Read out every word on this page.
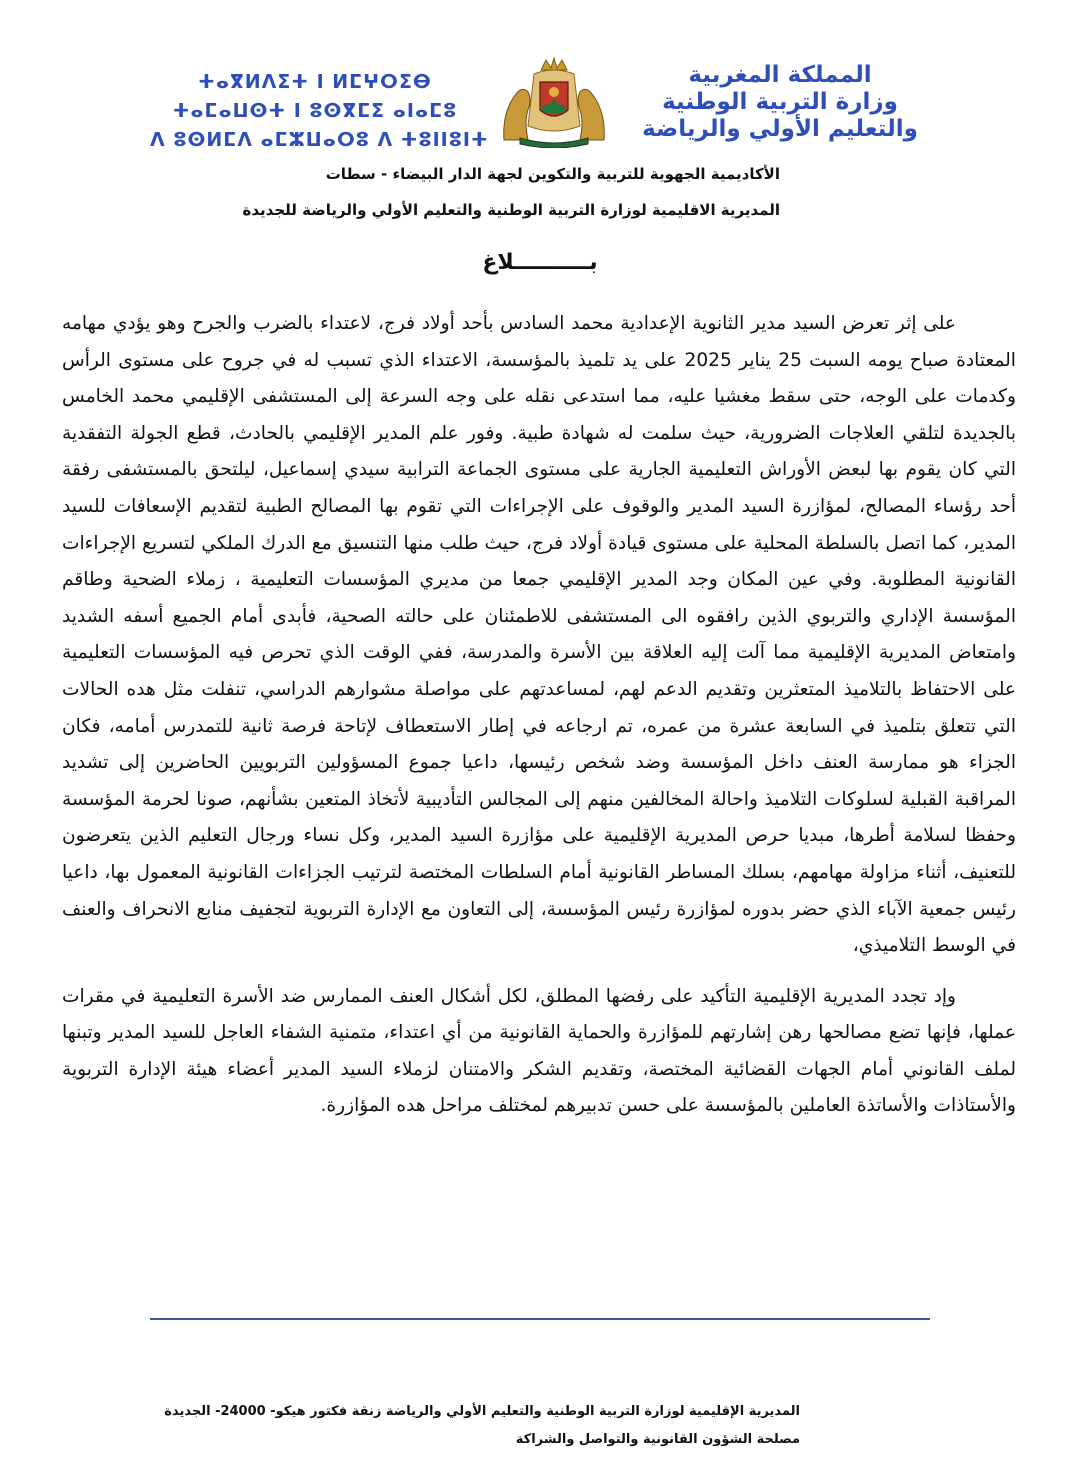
ⵜⴰⴳⵍⴷⵉⵜ ⵏ ⵍⵎⵖⵔⵉⴱ
ⵜⴰⵎⴰⵡⵙⵜ ⵏ ⵓⵙⴳⵎⵉ ⴰⵏⴰⵎⵓ
ⴷ ⵓⵙⵍⵎⴷ ⴰⵎⵣⵡⴰⵔⵓ ⴷ ⵜⵓⵏⵏⵓⵏⵜ
المملكة المغربية
وزارة التربية الوطنية
والتعليم الأولي والرياضة
الأكاديمية الجهوية للتربية والتكوين لجهة الدار البيضاء - سطات
المديرية الاقليمية لوزارة التربية الوطنية والتعليم الأولي والرياضة للجديدة
بــــــــــلاغ

على إثر تعرض السيد مدير الثانوية الإعدادية محمد السادس بأحد أولاد فرج، لاعتداء بالضرب والجرح وهو يؤدي مهامه المعتادة صباح يومه السبت 25 يناير 2025 على يد تلميذ بالمؤسسة، الاعتداء الذي تسبب له في جروح على مستوى الرأس وكدمات على الوجه، حتى سقط مغشيا عليه، مما استدعى نقله على وجه السرعة إلى المستشفى الإقليمي محمد الخامس بالجديدة لتلقي العلاجات الضرورية، حيث سلمت له شهادة طبية. وفور علم المدير الإقليمي بالحادث، قطع الجولة التفقدية التي كان يقوم بها لبعض الأوراش التعليمية الجارية على مستوى الجماعة الترابية سيدي إسماعيل، ليلتحق بالمستشفى رفقة أحد رؤساء المصالح، لمؤازرة السيد المدير والوقوف على الإجراءات التي تقوم بها المصالح الطبية لتقديم الإسعافات للسيد المدير، كما اتصل بالسلطة المحلية على مستوى قيادة أولاد فرج، حيث طلب منها التنسيق مع الدرك الملكي لتسريع الإجراءات القانونية المطلوبة. وفي عين المكان وجد المدير الإقليمي جمعا من مديري المؤسسات التعليمية ، زملاء الضحية وطاقم المؤسسة الإداري والتربوي الذين رافقوه الى المستشفى للاطمئنان على حالته الصحية، فأبدى أمام الجميع أسفه الشديد وامتعاض المديرية الإقليمية مما آلت إليه العلاقة بين الأسرة والمدرسة، ففي الوقت الذي تحرص فيه المؤسسات التعليمية على الاحتفاظ بالتلاميذ المتعثرين وتقديم الدعم لهم، لمساعدتهم على مواصلة مشوارهم الدراسي، تنفلت مثل هده الحالات التي تتعلق بتلميذ في السابعة عشرة من عمره، تم ارجاعه في إطار الاستعطاف لإتاحة فرصة ثانية للتمدرس أمامه، فكان الجزاء هو ممارسة العنف داخل المؤسسة وضد شخص رئيسها، داعيا جموع المسؤولين التربويين الحاضرين إلى تشديد المراقبة القبلية لسلوكات التلاميذ واحالة المخالفين منهم إلى المجالس التأديبية لأتخاذ المتعين بشأنهم، صونا لحرمة المؤسسة وحفظا لسلامة أطرها، مبديا حرص المديرية الإقليمية على مؤازرة السيد المدير، وكل نساء ورجال التعليم الذين يتعرضون للتعنيف، أثناء مزاولة مهامهم، بسلك المساطر القانونية أمام السلطات المختصة لترتيب الجزاءات القانونية المعمول بها، داعيا رئيس جمعية الآباء الذي حضر بدوره لمؤازرة رئيس المؤسسة، إلى التعاون مع الإدارة التربوية لتجفيف منابع الانحراف والعنف في الوسط التلاميذي،

وإد تجدد المديرية الإقليمية التأكيد على رفضها المطلق، لكل أشكال العنف الممارس ضد الأسرة التعليمية في مقرات عملها، فإنها تضع مصالحها رهن إشارتهم للمؤازرة والحماية القانونية من أي اعتداء، متمنية الشفاء العاجل للسيد المدير وتبنها لملف القانوني أمام الجهات القضائية المختصة، وتقديم الشكر والامتنان لزملاء السيد المدير أعضاء هيئة الإدارة التربوية والأستاذات والأساتذة العاملين بالمؤسسة على حسن تدبيرهم لمختلف مراحل هده المؤازرة.

المديرية الإقليمية لوزارة التربية الوطنية والتعليم الأولي والرياضة زنقة فكتور هيكو- 24000- الجديدة
مصلحة الشؤون القانونية والتواصل والشراكة
